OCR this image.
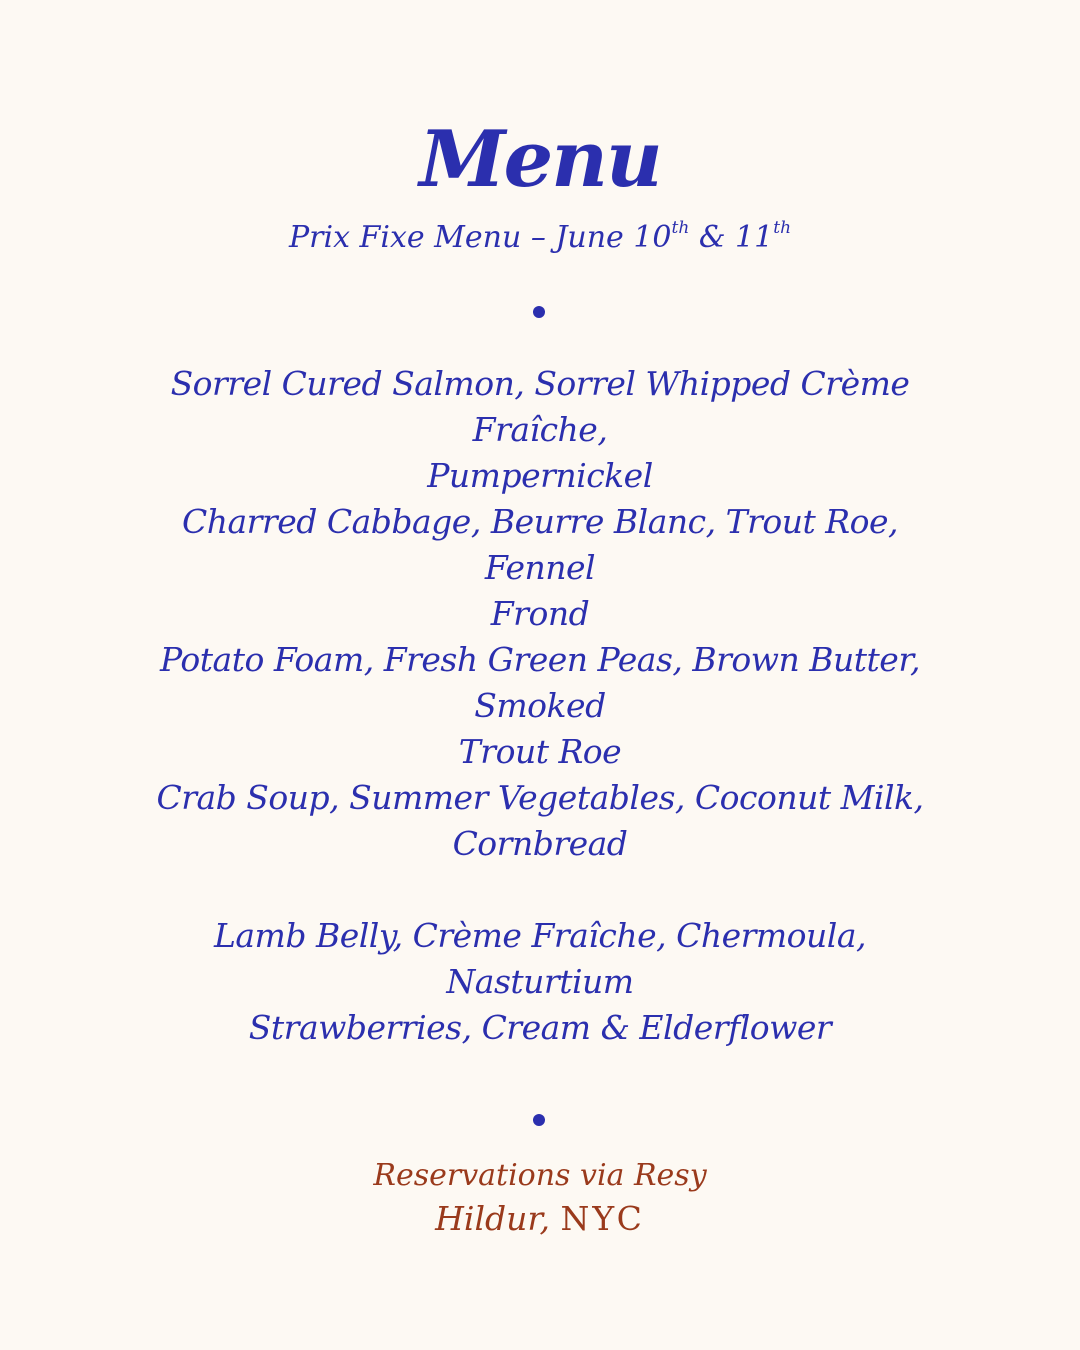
Menu
Prix Fixe Menu – June 10th & 11th
Sorrel Cured Salmon, Sorrel Whipped Crème Fraîche,
Pumpernickel
Charred Cabbage, Beurre Blanc, Trout Roe, Fennel
Frond
Potato Foam, Fresh Green Peas, Brown Butter, Smoked
Trout Roe
Crab Soup, Summer Vegetables, Coconut Milk,
Cornbread
Lamb Belly, Crème Fraîche, Chermoula, Nasturtium
Strawberries, Cream & Elderflower
Reservations via Resy
Hildur, NYC
